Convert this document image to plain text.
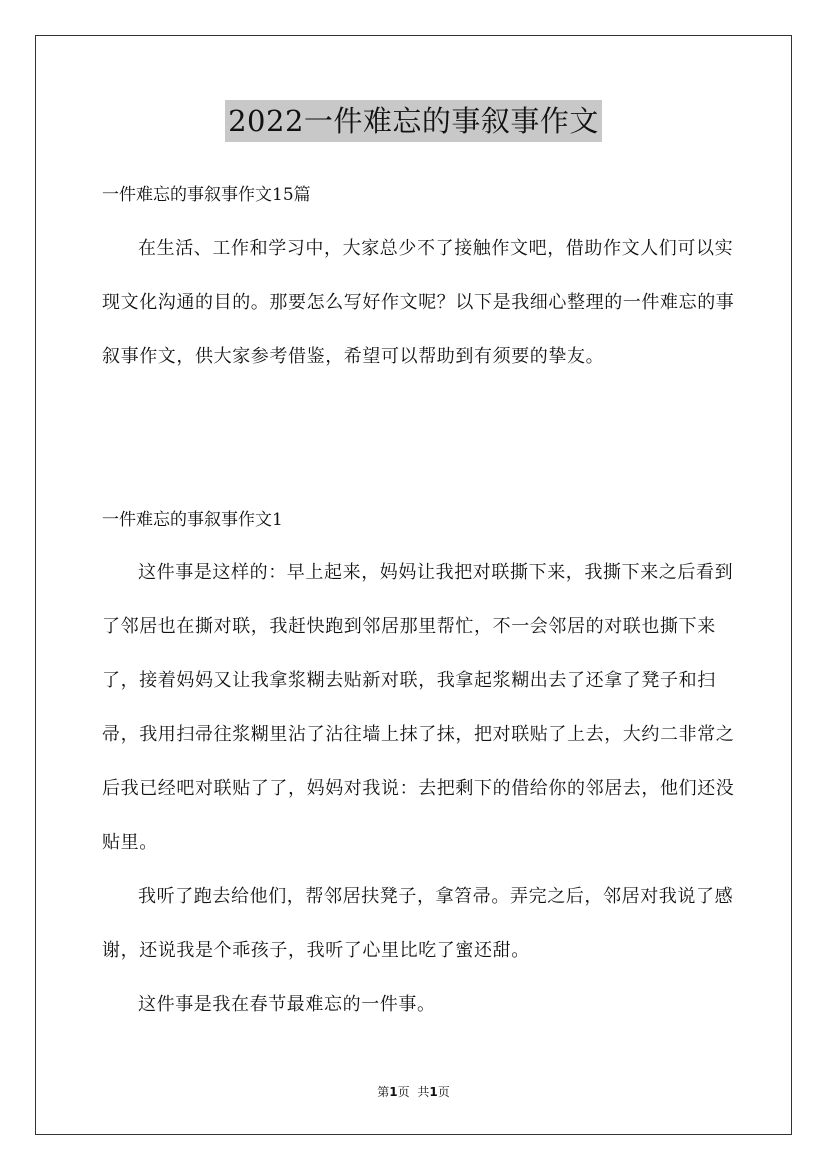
2022一件难忘的事叙事作文
一件难忘的事叙事作文15篇

在生活、工作和学习中，大家总少不了接触作文吧，借助作文人们可以实现文化沟通的目的。那要怎么写好作文呢？以下是我细心整理的一件难忘的事叙事作文，供大家参考借鉴，希望可以帮助到有须要的挚友。

一件难忘的事叙事作文1

这件事是这样的：早上起来，妈妈让我把对联撕下来，我撕下来之后看到了邻居也在撕对联，我赶快跑到邻居那里帮忙，不一会邻居的对联也撕下来了，接着妈妈又让我拿浆糊去贴新对联，我拿起浆糊出去了还拿了凳子和扫帚，我用扫帚往浆糊里沾了沾往墙上抹了抹，把对联贴了上去，大约二非常之后我已经吧对联贴了了，妈妈对我说：去把剩下的借给你的邻居去，他们还没贴里。

我听了跑去给他们，帮邻居扶凳子，拿笤帚。弄完之后，邻居对我说了感谢，还说我是个乖孩子，我听了心里比吃了蜜还甜。

这件事是我在春节最难忘的一件事。

第1页 共1页
